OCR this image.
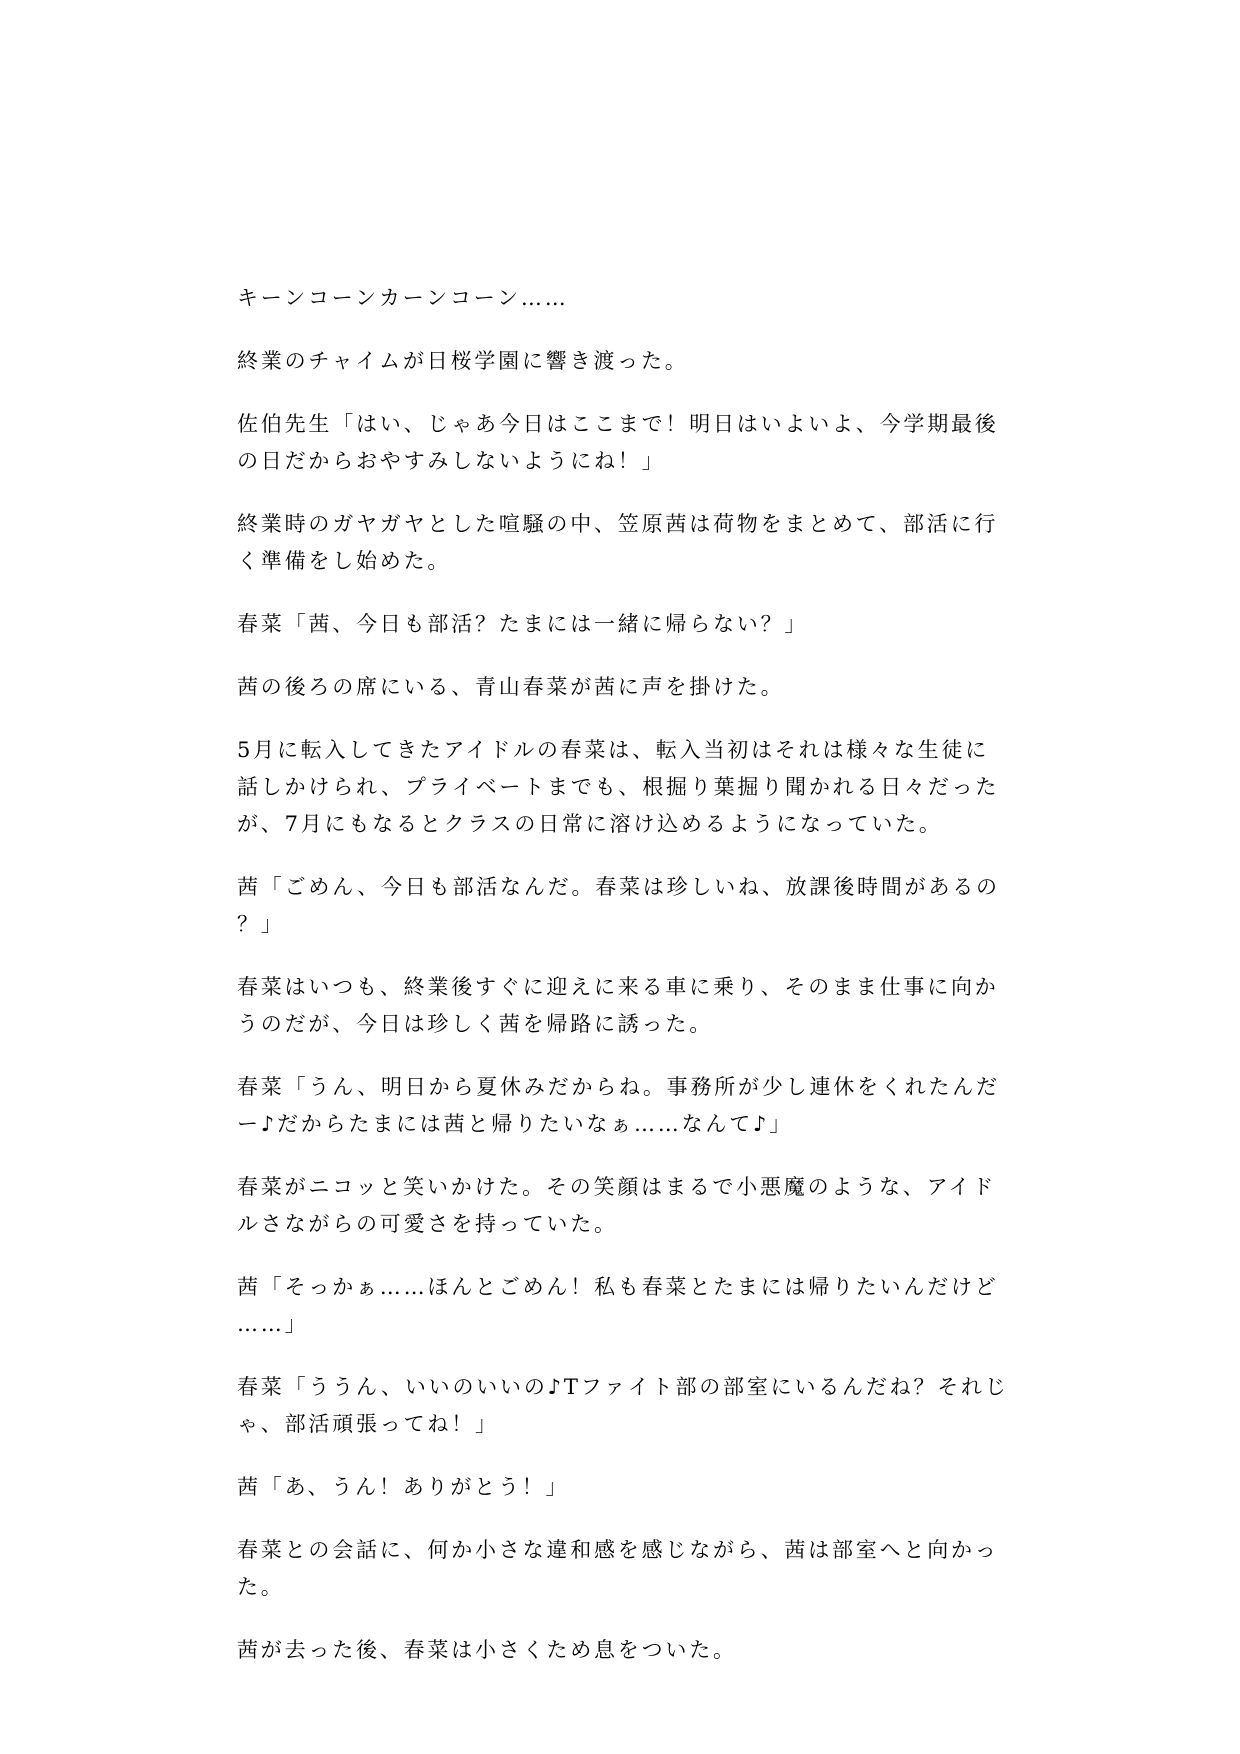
キーンコーンカーンコーン……

終業のチャイムが日桜学園に響き渡った。

佐伯先生「はい、じゃあ今日はここまで！明日はいよいよ、今学期最後の日だからおやすみしないようにね！」

終業時のガヤガヤとした喧騒の中、笠原茜は荷物をまとめて、部活に行く準備をし始めた。

春菜「茜、今日も部活？たまには一緒に帰らない？」

茜の後ろの席にいる、青山春菜が茜に声を掛けた。

5月に転入してきたアイドルの春菜は、転入当初はそれは様々な生徒に話しかけられ、プライベートまでも、根掘り葉掘り聞かれる日々だったが、7月にもなるとクラスの日常に溶け込めるようになっていた。

茜「ごめん、今日も部活なんだ。春菜は珍しいね、放課後時間があるの？」

春菜はいつも、終業後すぐに迎えに来る車に乗り、そのまま仕事に向かうのだが、今日は珍しく茜を帰路に誘った。

春菜「うん、明日から夏休みだからね。事務所が少し連休をくれたんだー♪だからたまには茜と帰りたいなぁ……なんて♪」

春菜がニコッと笑いかけた。その笑顔はまるで小悪魔のような、アイドルさながらの可愛さを持っていた。

茜「そっかぁ……ほんとごめん！私も春菜とたまには帰りたいんだけど……」

春菜「ううん、いいのいいの♪Tファイト部の部室にいるんだね？それじゃ、部活頑張ってね！」

茜「あ、うん！ありがとう！」

春菜との会話に、何か小さな違和感を感じながら、茜は部室へと向かった。

茜が去った後、春菜は小さくため息をついた。
